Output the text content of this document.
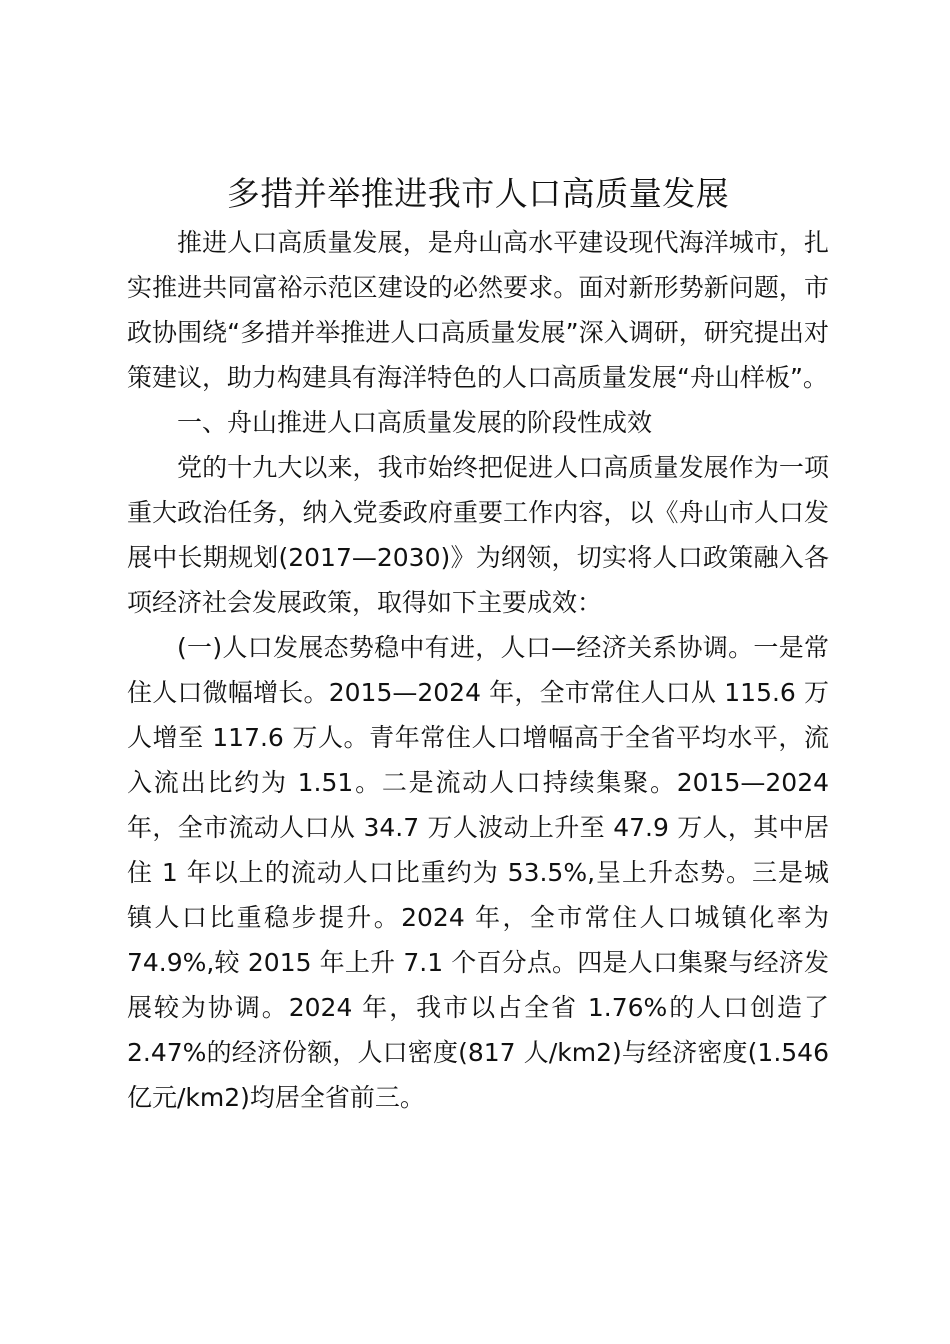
多措并举推进我市人口高质量发展

推进人口高质量发展，是舟山高水平建设现代海洋城市，扎实推进共同富裕示范区建设的必然要求。面对新形势新问题，市政协围绕“多措并举推进人口高质量发展”深入调研，研究提出对策建议，助力构建具有海洋特色的人口高质量发展“舟山样板”。

一、舟山推进人口高质量发展的阶段性成效

党的十九大以来，我市始终把促进人口高质量发展作为一项重大政治任务，纳入党委政府重要工作内容，以《舟山市人口发展中长期规划(2017—2030)》为纲领，切实将人口政策融入各项经济社会发展政策，取得如下主要成效：

(一)人口发展态势稳中有进，人口—经济关系协调。一是常住人口微幅增长。2015—2024 年，全市常住人口从 115.6 万人增至 117.6 万人。青年常住人口增幅高于全省平均水平，流入流出比约为 1.51。二是流动人口持续集聚。2015—2024 年，全市流动人口从 34.7 万人波动上升至 47.9 万人，其中居住 1 年以上的流动人口比重约为 53.5%,呈上升态势。三是城镇人口比重稳步提升。2024 年，全市常住人口城镇化率为 74.9%,较 2015 年上升 7.1 个百分点。四是人口集聚与经济发展较为协调。2024 年，我市以占全省 1.76%的人口创造了 2.47%的经济份额，人口密度(817 人/km2)与经济密度(1.546 亿元/km2)均居全省前三。
